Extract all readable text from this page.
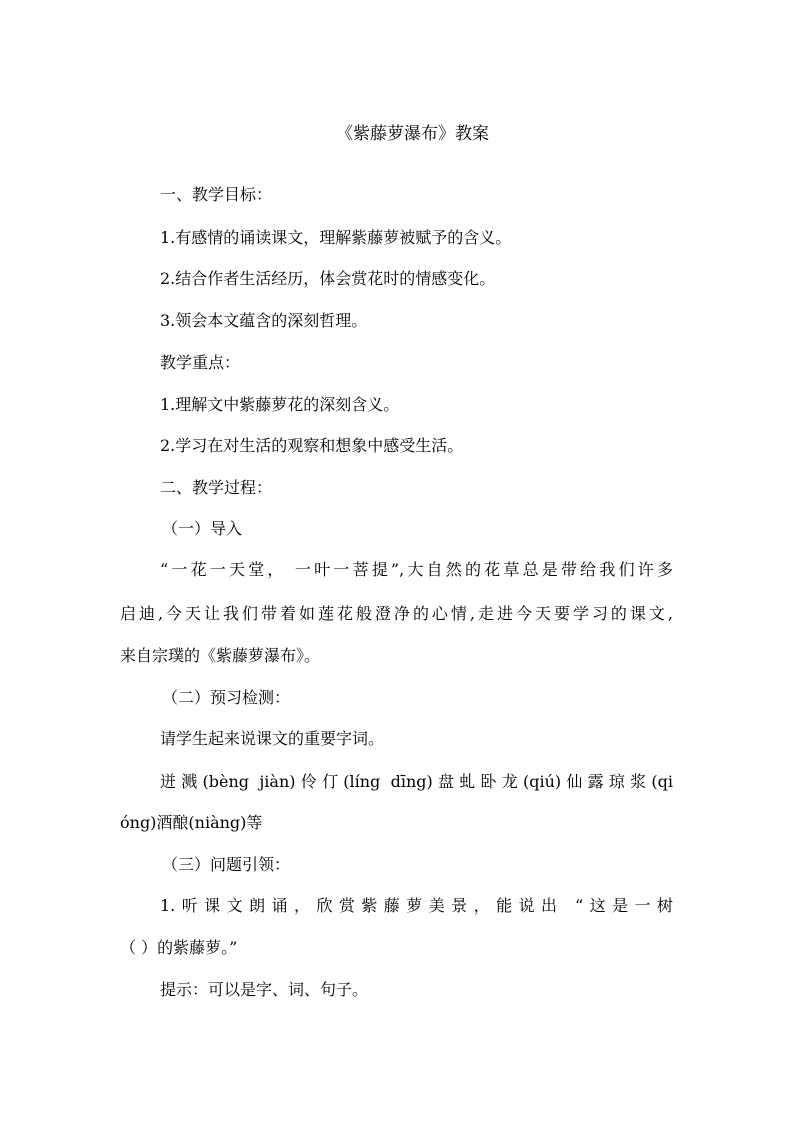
《紫藤萝瀑布》教案
一、教学目标：
1.有感情的诵读课文，理解紫藤萝被赋予的含义。
2.结合作者生活经历，体会赏花时的情感变化。
3.领会本文蕴含的深刻哲理。
教学重点：
1.理解文中紫藤萝花的深刻含义。
2.学习在对生活的观察和想象中感受生活。
二、教学过程：
（一）导入
“一花一天堂， 一叶一菩提”,大自然的花草总是带给我们许多
启迪,今天让我们带着如莲花般澄净的心情,走进今天要学习的课文,
来自宗璞的《紫藤萝瀑布》。
（二）预习检测：
请学生起来说课文的重要字词。
迸溅(bèng jiàn)伶仃(líng dīng)盘虬卧龙(qiú)仙露琼浆(qi
óng)酒酿(niàng)等
（三）问题引领：
1.听课文朗诵，欣赏紫藤萝美景，能说出 “这是一树
（ ）的紫藤萝。”
提示：可以是字、词、句子。
